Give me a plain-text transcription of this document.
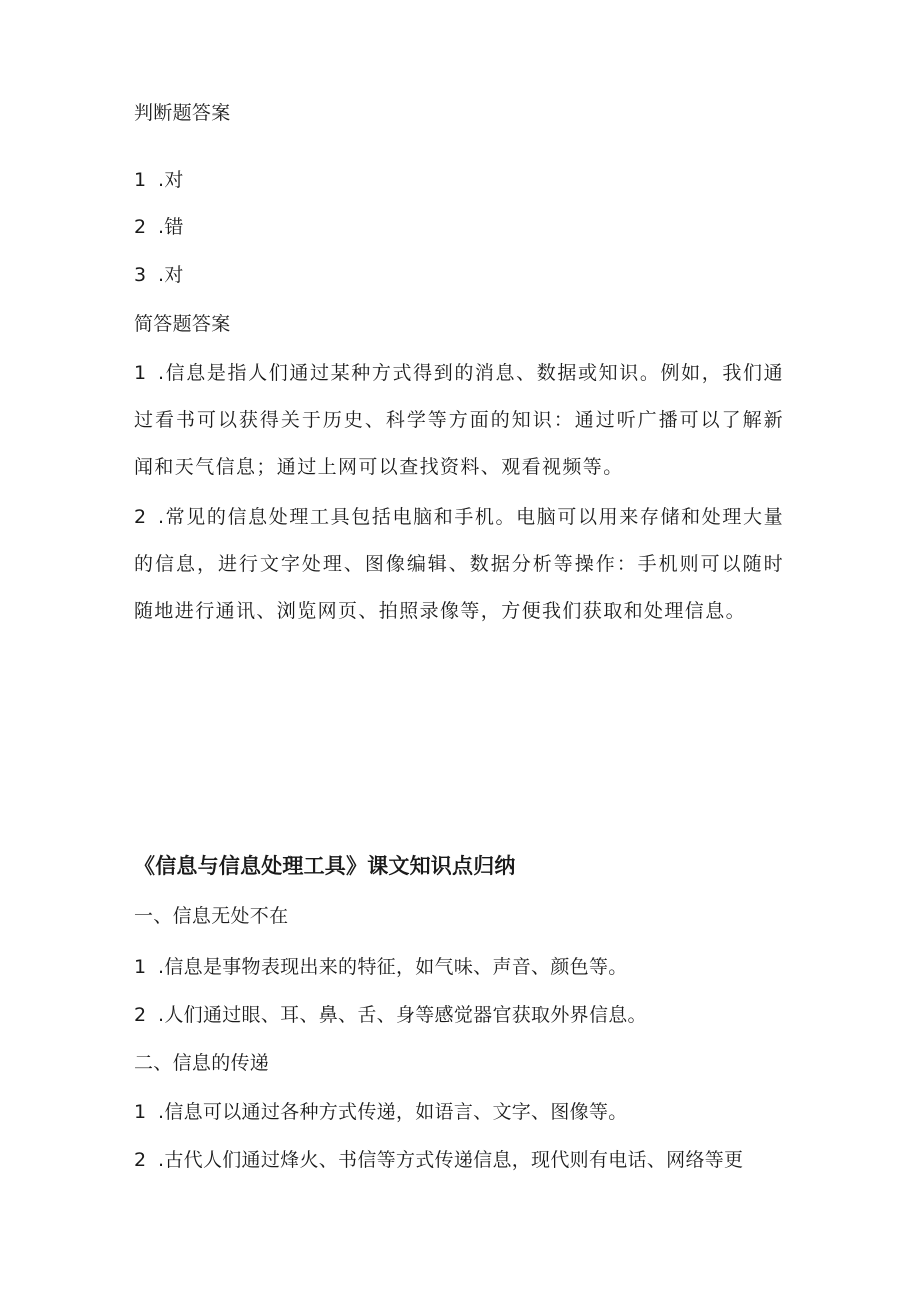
判断题答案
1 .对
2 .错
3 .对
简答题答案
1 .信息是指人们通过某种方式得到的消息、数据或知识。例如，我们通过看书可以获得关于历史、科学等方面的知识：通过听广播可以了解新闻和天气信息；通过上网可以查找资料、观看视频等。
2 .常见的信息处理工具包括电脑和手机。电脑可以用来存储和处理大量的信息，进行文字处理、图像编辑、数据分析等操作：手机则可以随时随地进行通讯、浏览网页、拍照录像等，方便我们获取和处理信息。
《信息与信息处理工具》课文知识点归纳
一、信息无处不在
1 .信息是事物表现出来的特征，如气味、声音、颜色等。
2 .人们通过眼、耳、鼻、舌、身等感觉器官获取外界信息。
二、信息的传递
1 .信息可以通过各种方式传递，如语言、文字、图像等。
2 .古代人们通过烽火、书信等方式传递信息，现代则有电话、网络等更
